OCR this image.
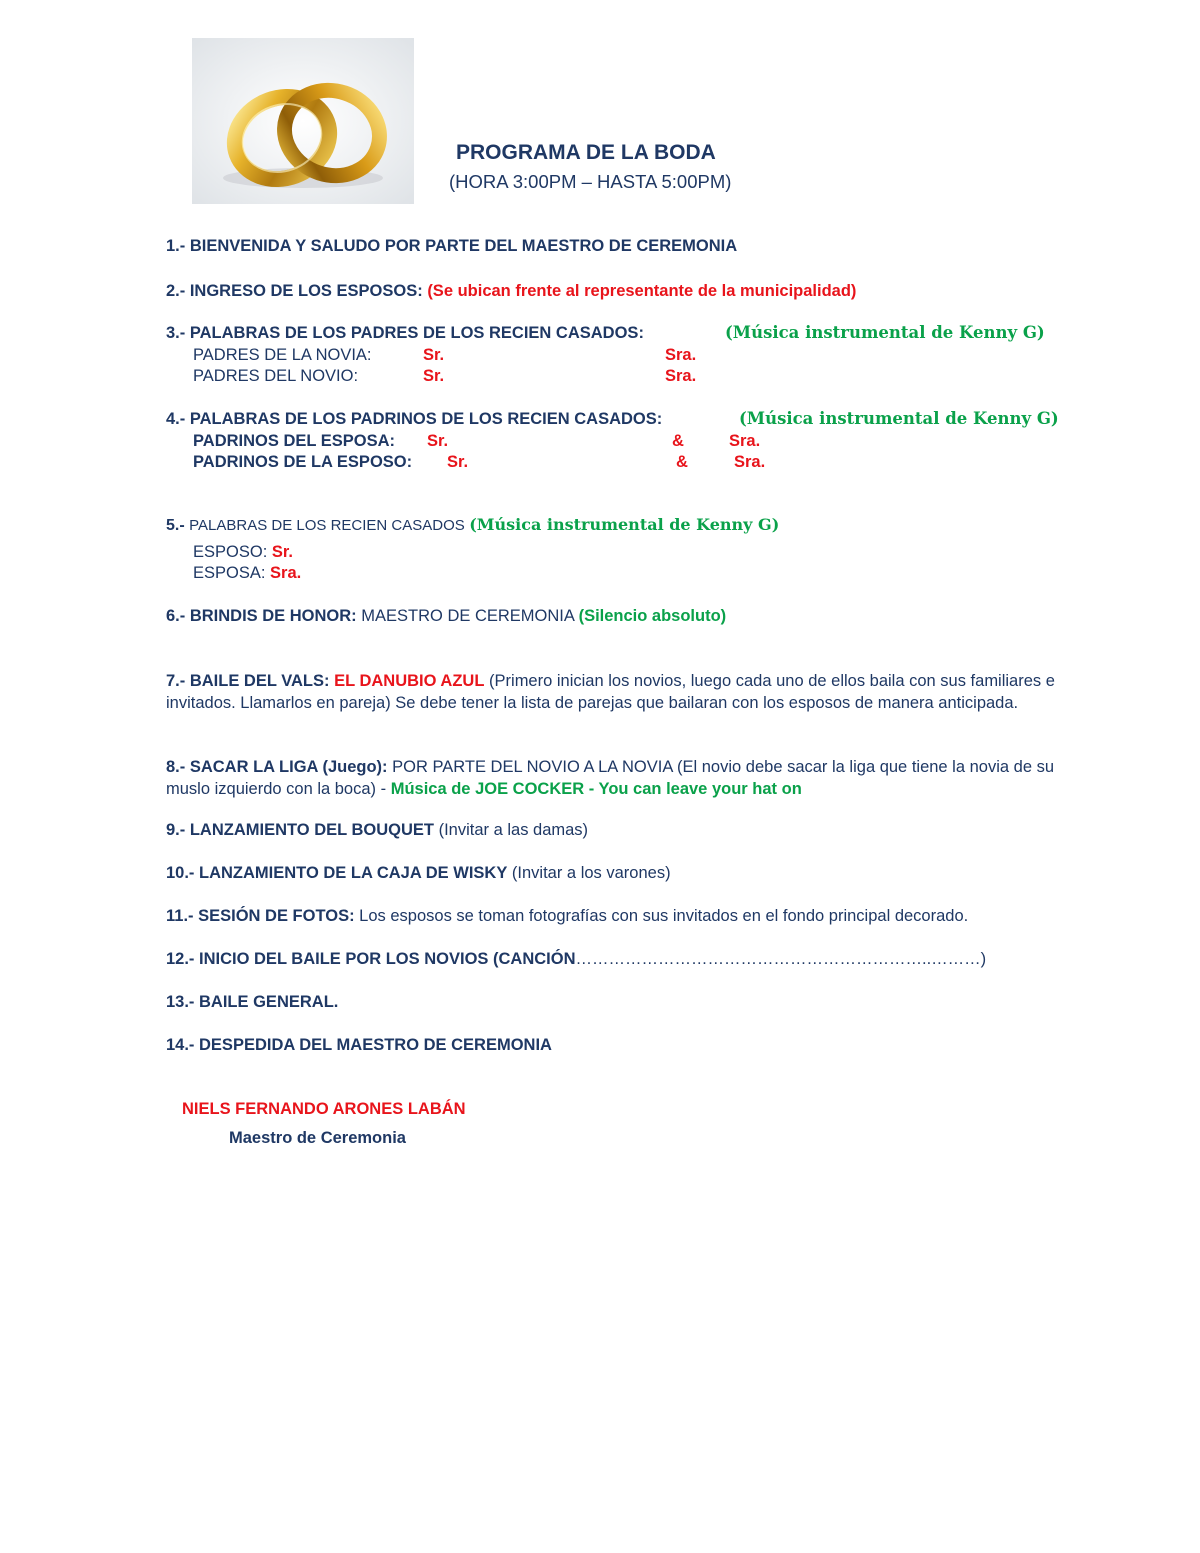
PROGRAMA DE LA BODA
(HORA 3:00PM – HASTA 5:00PM)
1.- BIENVENIDA Y SALUDO POR PARTE DEL MAESTRO DE CEREMONIA
2.- INGRESO DE LOS ESPOSOS: (Se ubican frente al representante de la municipalidad)
3.- PALABRAS DE LOS PADRES DE LOS RECIEN CASADOS:	(Música instrumental de Kenny G)
PADRES DE LA NOVIA:	Sr.	Sra.
PADRES DEL NOVIO:	Sr.	Sra.
4.- PALABRAS DE LOS PADRINOS DE LOS RECIEN CASADOS:	(Música instrumental de Kenny G)
PADRINOS DEL ESPOSA: Sr.	&	Sra.
PADRINOS DE LA ESPOSO: Sr.	&	Sra.
5.- PALABRAS DE LOS RECIEN CASADOS (Música instrumental de Kenny G)
ESPOSO: Sr.
ESPOSA: Sra.
6.- BRINDIS DE HONOR: MAESTRO DE CEREMONIA (Silencio absoluto)
7.- BAILE DEL VALS: EL DANUBIO AZUL (Primero inician los novios, luego cada uno de ellos baila con sus familiares e invitados. Llamarlos en pareja) Se debe tener la lista de parejas que bailaran con los esposos de manera anticipada.
8.- SACAR LA LIGA (Juego): POR PARTE DEL NOVIO A LA NOVIA (El novio debe sacar la liga que tiene la novia de su muslo izquierdo con la boca) - Música de JOE COCKER - You can leave your hat on
9.- LANZAMIENTO DEL BOUQUET (Invitar a las damas)
10.- LANZAMIENTO DE LA CAJA DE WISKY (Invitar a los varones)
11.- SESIÓN DE FOTOS: Los esposos se toman fotografías con sus invitados en el fondo principal decorado.
12.- INICIO DEL BAILE POR LOS NOVIOS (CANCIÓN………………………………………………………..………)
13.- BAILE GENERAL.
14.- DESPEDIDA DEL MAESTRO DE CEREMONIA
NIELS FERNANDO ARONES LABÁN
Maestro de Ceremonia
